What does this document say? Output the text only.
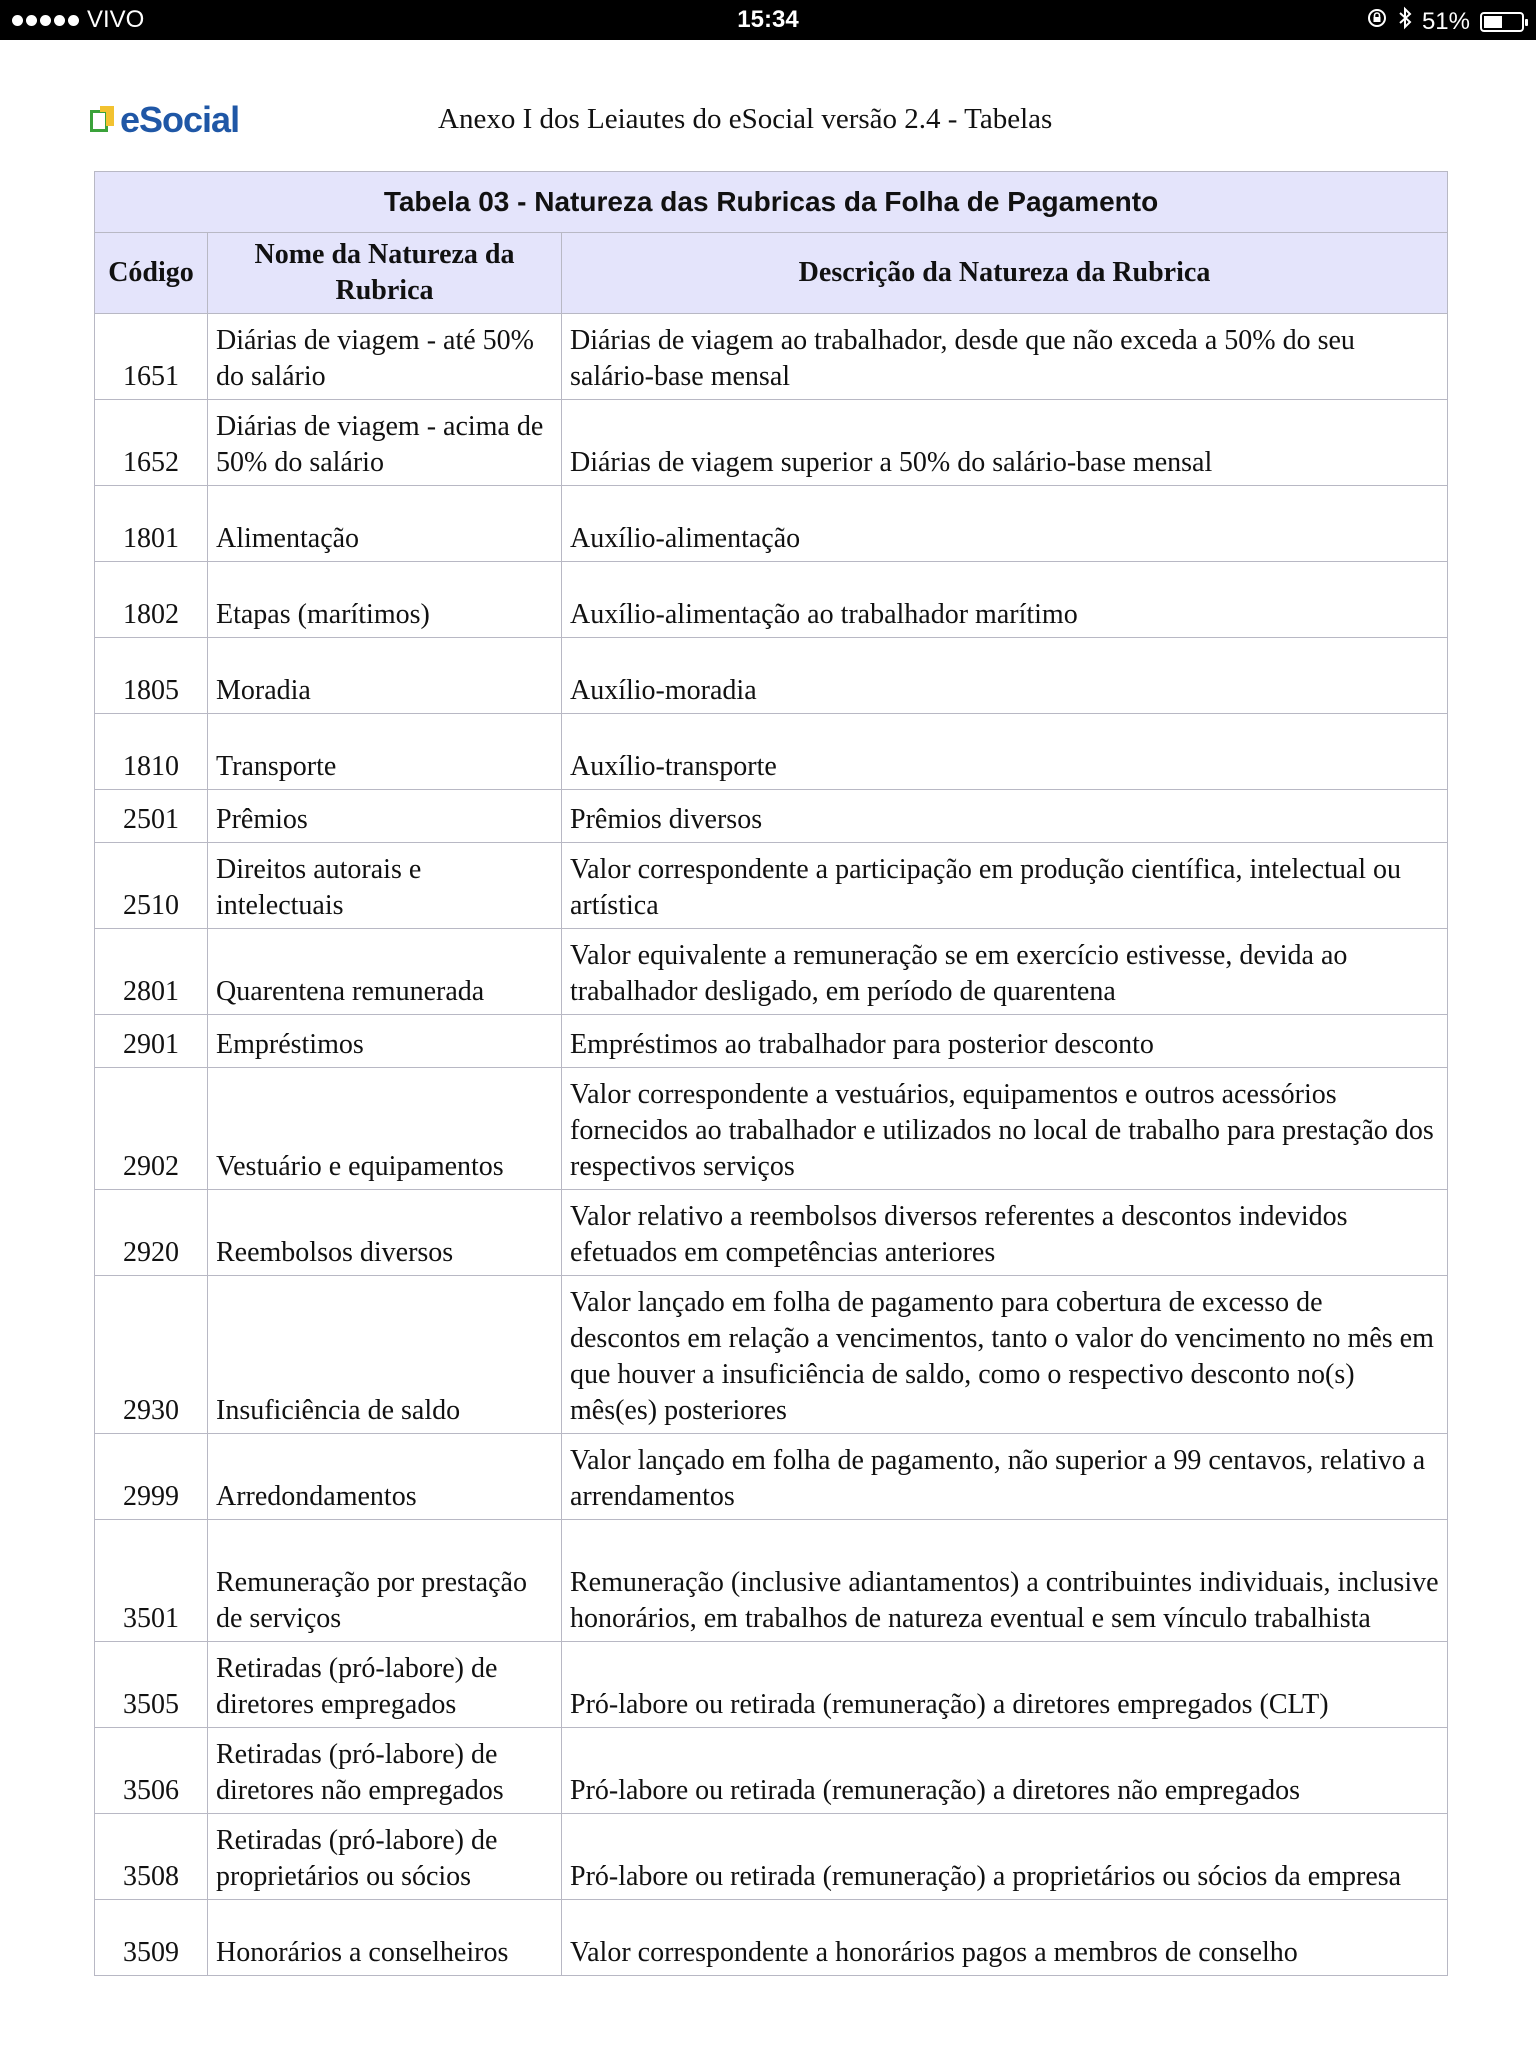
VIVO	15:34	51%
eSocial	Anexo I dos Leiautes do eSocial versão 2.4 - Tabelas
Tabela 03 - Natureza das Rubricas da Folha de Pagamento		
Código	Nome da Natureza da Rubrica	Descrição da Natureza da Rubrica
1651	Diárias de viagem - até 50% do salário	Diárias de viagem ao trabalhador, desde que não exceda a 50% do seu salário-base mensal
1652	Diárias de viagem - acima de 50% do salário	Diárias de viagem superior a 50% do salário-base mensal
1801	Alimentação	Auxílio-alimentação
1802	Etapas (marítimos)	Auxílio-alimentação ao trabalhador marítimo
1805	Moradia	Auxílio-moradia
1810	Transporte	Auxílio-transporte
2501	Prêmios	Prêmios diversos
2510	Direitos autorais e intelectuais	Valor correspondente a participação em produção científica, intelectual ou artística
2801	Quarentena remunerada	Valor equivalente a remuneração se em exercício estivesse, devida ao trabalhador desligado, em período de quarentena
2901	Empréstimos	Empréstimos ao trabalhador para posterior desconto
2902	Vestuário e equipamentos	Valor correspondente a vestuários, equipamentos e outros acessórios fornecidos ao trabalhador e utilizados no local de trabalho para prestação dos respectivos serviços
2920	Reembolsos diversos	Valor relativo a reembolsos diversos referentes a descontos indevidos efetuados em competências anteriores
2930	Insuficiência de saldo	Valor lançado em folha de pagamento para cobertura de excesso de descontos em relação a vencimentos, tanto o valor do vencimento no mês em que houver a insuficiência de saldo, como o respectivo desconto no(s) mês(es) posteriores
2999	Arredondamentos	Valor lançado em folha de pagamento, não superior a 99 centavos, relativo a arrendamentos
3501	Remuneração por prestação de serviços	Remuneração (inclusive adiantamentos) a contribuintes individuais, inclusive honorários, em trabalhos de natureza eventual e sem vínculo trabalhista
3505	Retiradas (pró-labore) de diretores empregados	Pró-labore ou retirada (remuneração) a diretores empregados (CLT)
3506	Retiradas (pró-labore) de diretores não empregados	Pró-labore ou retirada (remuneração) a diretores não empregados
3508	Retiradas (pró-labore) de proprietários ou sócios	Pró-labore ou retirada (remuneração) a proprietários ou sócios da empresa
3509	Honorários a conselheiros	Valor correspondente a honorários pagos a membros de conselho
